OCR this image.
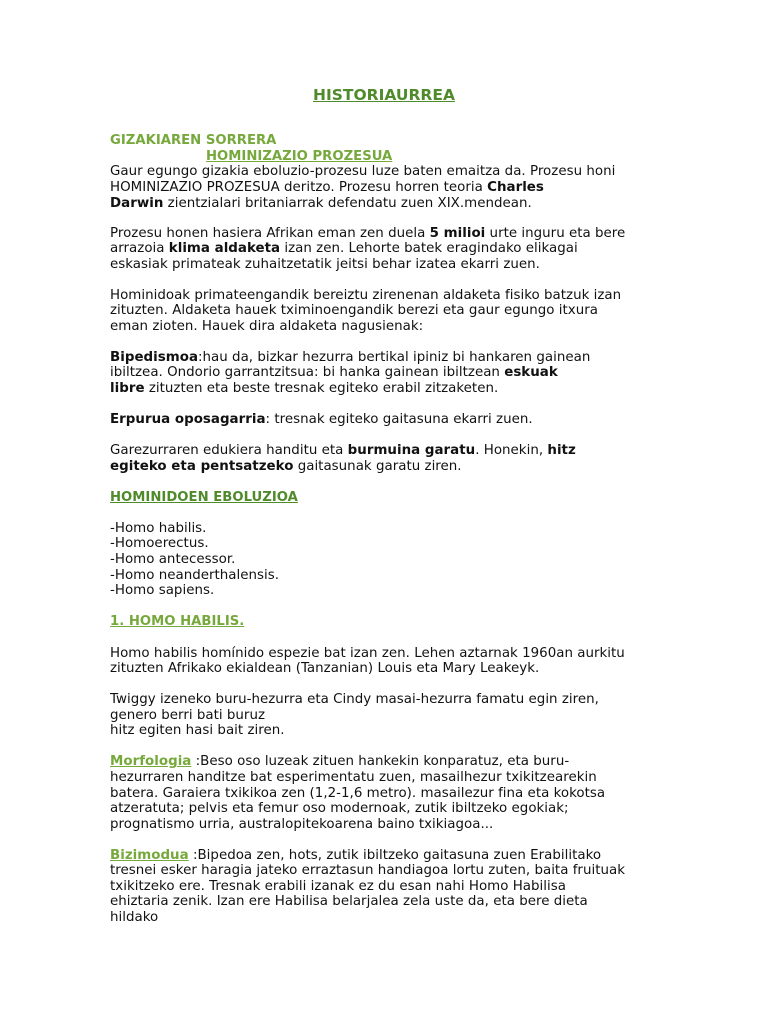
HISTORIAURREA
GIZAKIAREN SORRERA
HOMINIZAZIO PROZESUA
Gaur egungo gizakia eboluzio-prozesu luze baten emaitza da. Prozesu honi
HOMINIZAZIO PROZESUA deritzo. Prozesu horren teoria Charles
Darwin zientzialari britaniarrak defendatu zuen XIX.mendean.
Prozesu honen hasiera Afrikan eman zen duela 5 milioi urte inguru eta bere
arrazoia klima aldaketa izan zen. Lehorte batek eragindako elikagai
eskasiak primateak zuhaitzetatik jeitsi behar izatea ekarri zuen.
Hominidoak primateengandik bereiztu zirenenan aldaketa fisiko batzuk izan
zituzten. Aldaketa hauek tximinoengandik berezi eta gaur egungo itxura
eman zioten. Hauek dira aldaketa nagusienak:
Bipedismoa:hau da, bizkar hezurra bertikal ipiniz bi hankaren gainean
ibiltzea. Ondorio garrantzitsua: bi hanka gainean ibiltzean eskuak
libre zituzten eta beste tresnak egiteko erabil zitzaketen.
Erpurua oposagarria: tresnak egiteko gaitasuna ekarri zuen.
Garezurraren edukiera handitu eta burmuina garatu. Honekin, hitz
egiteko eta pentsatzeko gaitasunak garatu ziren.
HOMINIDOEN EBOLUZIOA
-Homo habilis.
-Homoerectus.
-Homo antecessor.
-Homo neanderthalensis.
-Homo sapiens.
1. HOMO HABILIS.
Homo habilis homínido espezie bat izan zen. Lehen aztarnak 1960an aurkitu
zituzten Afrikako ekialdean (Tanzanian) Louis eta Mary Leakeyk.
Twiggy izeneko buru-hezurra eta Cindy masai-hezurra famatu egin ziren,
genero berri bati buruz
hitz egiten hasi bait ziren.
Morfologia :Beso oso luzeak zituen hankekin konparatuz, eta buru-
hezurraren handitze bat esperimentatu zuen, masailhezur txikitzearekin
batera. Garaiera txikikoa zen (1,2-1,6 metro). masailezur fina eta kokotsa
atzeratuta; pelvis eta femur oso modernoak, zutik ibiltzeko egokiak;
prognatismo urria, australopitekoarena baino txikiagoa...
Bizimodua :Bipedoa zen, hots, zutik ibiltzeko gaitasuna zuen Erabilitako
tresnei esker haragia jateko erraztasun handiagoa lortu zuten, baita fruituak
txikitzeko ere. Tresnak erabili izanak ez du esan nahi Homo Habilisa
ehiztaria zenik. Izan ere Habilisa belarjalea zela uste da, eta bere dieta
hildako
